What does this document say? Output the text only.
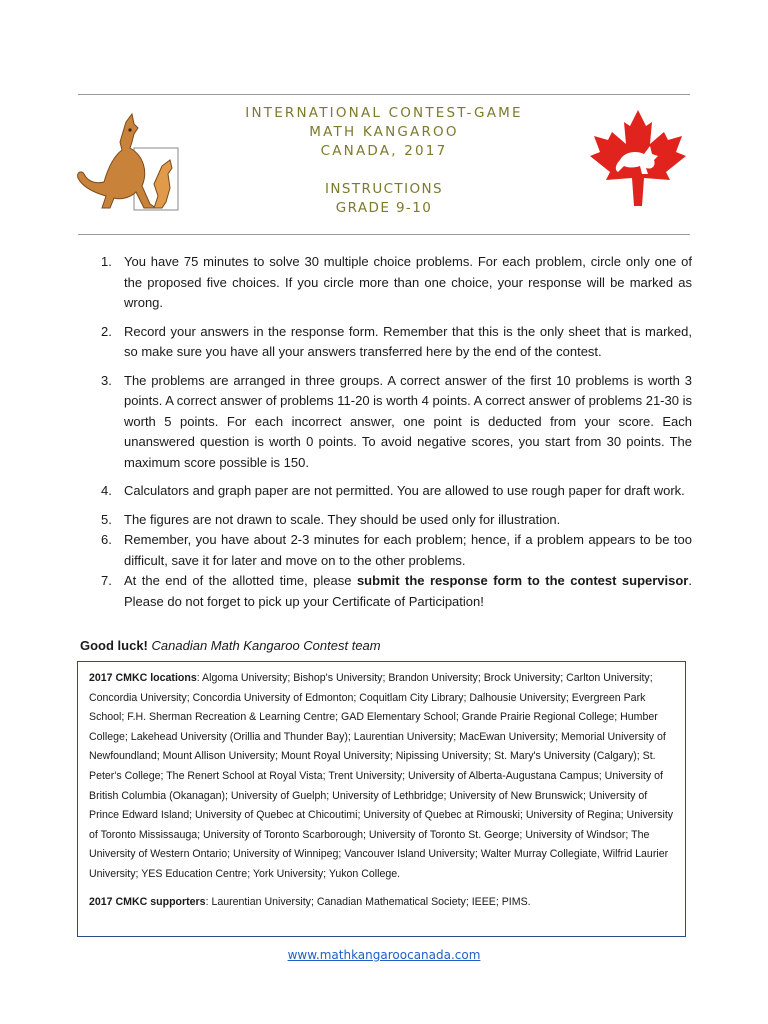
INTERNATIONAL CONTEST-GAME
MATH KANGAROO
CANADA, 2017
INSTRUCTIONS
GRADE 9-10
1. You have 75 minutes to solve 30 multiple choice problems. For each problem, circle only one of the proposed five choices. If you circle more than one choice, your response will be marked as wrong.
2. Record your answers in the response form. Remember that this is the only sheet that is marked, so make sure you have all your answers transferred here by the end of the contest.
3. The problems are arranged in three groups. A correct answer of the first 10 problems is worth 3 points. A correct answer of problems 11-20 is worth 4 points. A correct answer of problems 21-30 is worth 5 points. For each incorrect answer, one point is deducted from your score. Each unanswered question is worth 0 points. To avoid negative scores, you start from 30 points. The maximum score possible is 150.
4. Calculators and graph paper are not permitted. You are allowed to use rough paper for draft work.
5. The figures are not drawn to scale. They should be used only for illustration.
6. Remember, you have about 2-3 minutes for each problem; hence, if a problem appears to be too difficult, save it for later and move on to the other problems.
7. At the end of the allotted time, please submit the response form to the contest supervisor. Please do not forget to pick up your Certificate of Participation!
Good luck! Canadian Math Kangaroo Contest team

2017 CMKC locations: Algoma University; Bishop's University; Brandon University; Brock University; Carlton University; Concordia University; Concordia University of Edmonton; Coquitlam City Library; Dalhousie University; Evergreen Park School; F.H. Sherman Recreation & Learning Centre; GAD Elementary School; Grande Prairie Regional College; Humber College; Lakehead University (Orillia and Thunder Bay); Laurentian University; MacEwan University; Memorial University of Newfoundland; Mount Allison University; Mount Royal University; Nipissing University; St. Mary's University (Calgary); St. Peter's College; The Renert School at Royal Vista; Trent University; University of Alberta-Augustana Campus; University of British Columbia (Okanagan); University of Guelph; University of Lethbridge; University of New Brunswick; University of Prince Edward Island; University of Quebec at Chicoutimi; University of Quebec at Rimouski; University of Regina; University of Toronto Mississauga; University of Toronto Scarborough; University of Toronto St. George; University of Windsor; The University of Western Ontario; University of Winnipeg; Vancouver Island University; Walter Murray Collegiate, Wilfrid Laurier University; YES Education Centre; York University; Yukon College.

2017 CMKC supporters: Laurentian University; Canadian Mathematical Society; IEEE; PIMS.

www.mathkangaroocanada.com
